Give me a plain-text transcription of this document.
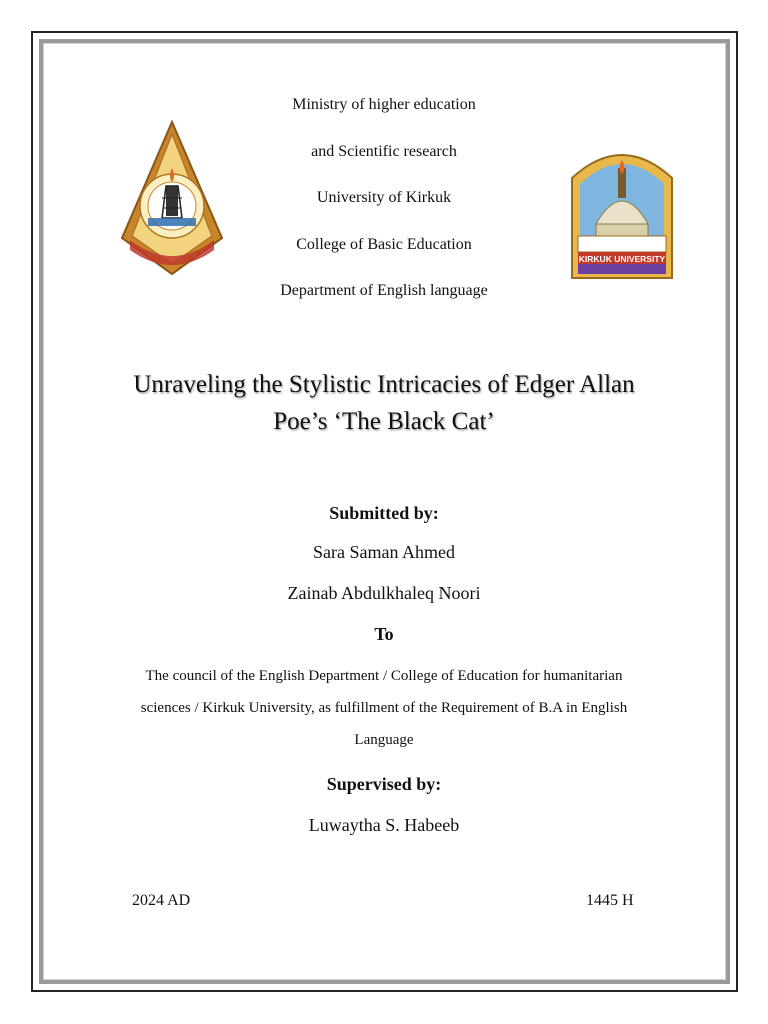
KIRKUK UNIVERSITY
Ministry of higher education
and Scientific research
University of Kirkuk
College of Basic Education
Department of English language
Unraveling the Stylistic Intricacies of Edger Allan
Poe’s ‘The Black Cat’
Submitted by:
Sara Saman Ahmed
Zainab Abdulkhaleq Noori
To
The council of the English Department / College of Education for humanitarian
sciences / Kirkuk University, as fulfillment of the Requirement of B.A in English
Language
Supervised by:
Luwaytha S. Habeeb
2024 AD	1445 H
